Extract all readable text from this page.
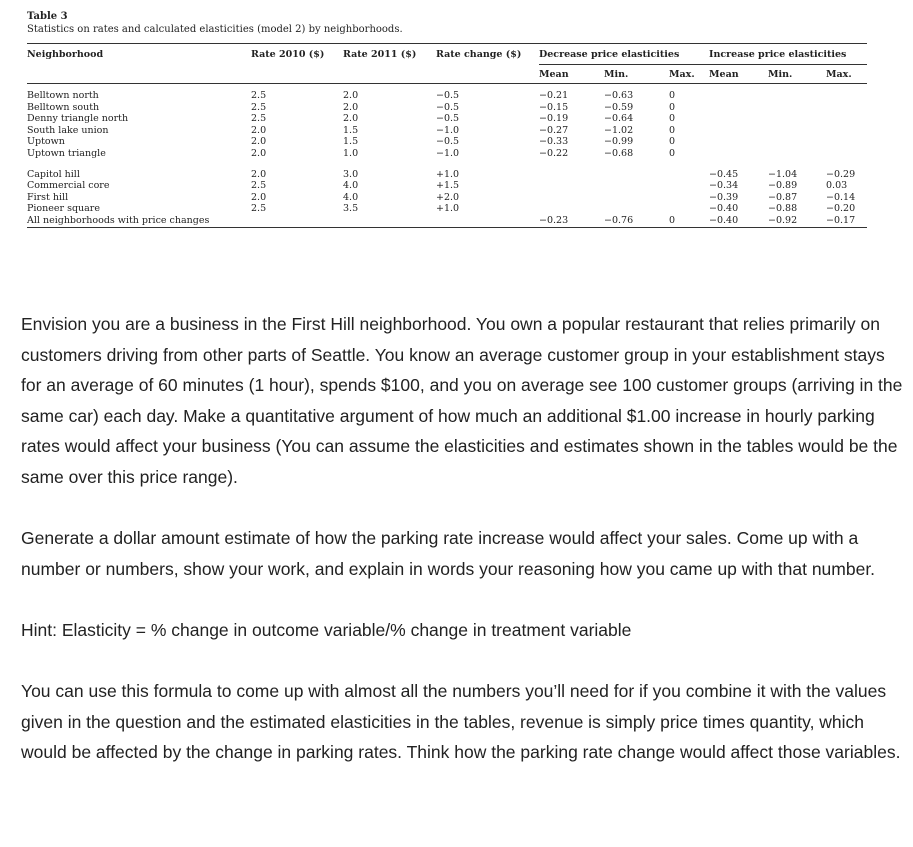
Table 3
Statistics on rates and calculated elasticities (model 2) by neighborhoods.
Neighborhood	Rate 2010 ($)	Rate 2011 ($)	Rate change ($)	Decrease price elasticities			Increase price elasticities		
				Mean	Min.	Max.	Mean	Min.	Max.

Belltown north	2.5	2.0	−0.5	−0.21	−0.63	0			
Belltown south	2.5	2.0	−0.5	−0.15	−0.59	0			
Denny triangle north	2.5	2.0	−0.5	−0.19	−0.64	0			
South lake union	2.0	1.5	−1.0	−0.27	−1.02	0			
Uptown	2.0	1.5	−0.5	−0.33	−0.99	0			
Uptown triangle	2.0	1.0	−1.0	−0.22	−0.68	0			

Capitol hill	2.0	3.0	+1.0				−0.45	−1.04	−0.29
Commercial core	2.5	4.0	+1.5				−0.34	−0.89	0.03
First hill	2.0	4.0	+2.0				−0.39	−0.87	−0.14
Pioneer square	2.5	3.5	+1.0				−0.40	−0.88	−0.20
All neighborhoods with price changes				−0.23	−0.76	0	−0.40	−0.92	−0.17

Envision you are a business in the First Hill neighborhood. You own a popular restaurant that relies primarily on customers driving from other parts of Seattle. You know an average customer group in your establishment stays for an average of 60 minutes (1 hour), spends $100, and you on average see 100 customer groups (arriving in the same car) each day. Make a quantitative argument of how much an additional $1.00 increase in hourly parking rates would affect your business (You can assume the elasticities and estimates shown in the tables would be the same over this price range).

Generate a dollar amount estimate of how the parking rate increase would affect your sales. Come up with a number or numbers, show your work, and explain in words your reasoning how you came up with that number.

Hint: Elasticity = % change in outcome variable/% change in treatment variable

You can use this formula to come up with almost all the numbers you’ll need for if you combine it with the values given in the question and the estimated elasticities in the tables, revenue is simply price times quantity, which would be affected by the change in parking rates. Think how the parking rate change would affect those variables.
